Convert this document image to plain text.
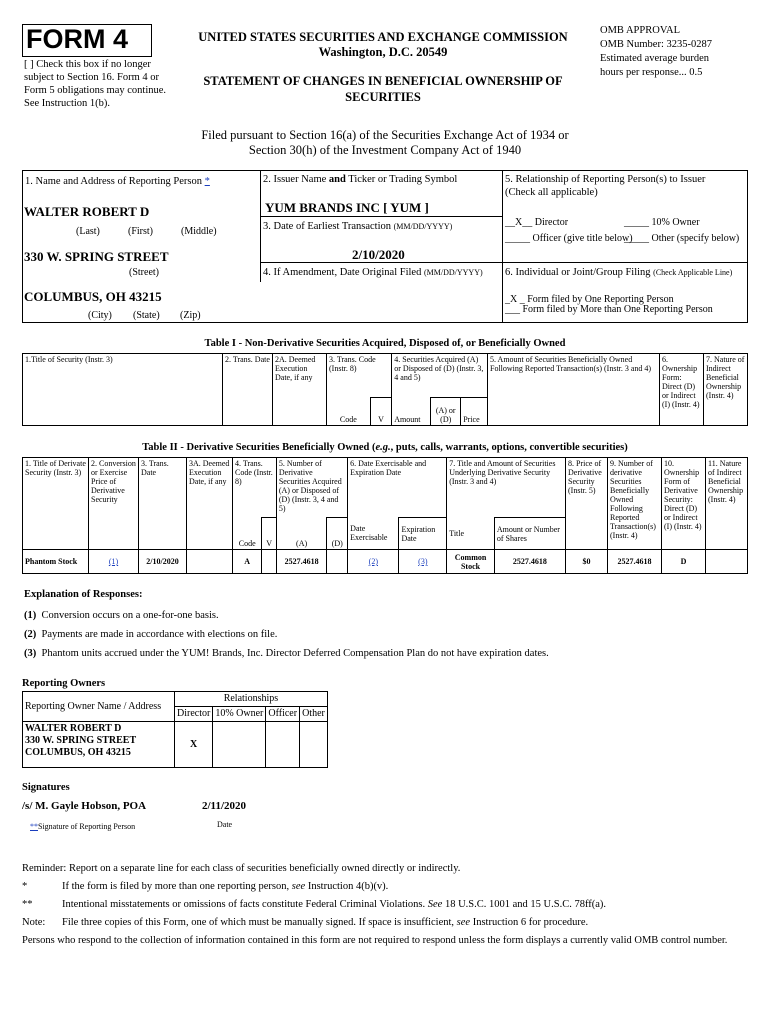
FORM 4
[ ] Check this box if no longer subject to Section 16. Form 4 or Form 5 obligations may continue. See Instruction 1(b).
UNITED STATES SECURITIES AND EXCHANGE COMMISSION
Washington, D.C. 20549
STATEMENT OF CHANGES IN BENEFICIAL OWNERSHIP OF
SECURITIES
OMB APPROVAL
OMB Number: 3235-0287
Estimated average burden
hours per response... 0.5
Filed pursuant to Section 16(a) of the Securities Exchange Act of 1934 or
Section 30(h) of the Investment Company Act of 1940
1. Name and Address of Reporting Person *
WALTER ROBERT D
(Last)	(First)	(Middle)
330 W. SPRING STREET
(Street)
COLUMBUS, OH 43215
(City) (State) (Zip)
2. Issuer Name and Ticker or Trading Symbol
YUM BRANDS INC [ YUM ]
3. Date of Earliest Transaction (MM/DD/YYYY)
2/10/2020
4. If Amendment, Date Original Filed (MM/DD/YYYY)
5. Relationship of Reporting Person(s) to Issuer
(Check all applicable)
__X__ Director	_____ 10% Owner
_____ Officer (give title below)
_____ Other (specify below)
6. Individual or Joint/Group Filing (Check Applicable Line)
_X _ Form filed by One Reporting Person
___ Form filed by More than One Reporting Person
Table I - Non-Derivative Securities Acquired, Disposed of, or Beneficially Owned
1.Title of Security (Instr. 3)	2. Trans. Date	2A. Deemed Execution Date, if any	3. Trans. Code (Instr. 8)		4. Securities Acquired (A) or Disposed of (D) (Instr. 3, 4 and 5)			5. Amount of Securities Beneficially Owned Following Reported Transaction(s) (Instr. 3 and 4)	6. Ownership Form: Direct (D) or Indirect (I) (Instr. 4)	7. Nature of Indirect Beneficial Ownership (Instr. 4)
			Code	V	Amount	(A) or (D)	Price			
Table II - Derivative Securities Beneficially Owned (e.g., puts, calls, warrants, options, convertible securities)
1. Title of Derivate Security (Instr. 3)	2. Conversion or Exercise Price of Derivative Security	3. Trans. Date	3A. Deemed Execution Date, if any	4. Trans. Code (Instr. 8)		5. Number of Derivative Securities Acquired (A) or Disposed of (D) (Instr. 3, 4 and 5)		6. Date Exercisable and Expiration Date		7. Title and Amount of Securities Underlying Derivative Security (Instr. 3 and 4)		8. Price of Derivative Security (Instr. 5)	9. Number of derivative Securities Beneficially Owned Following Reported Transaction(s) (Instr. 4)	10. Ownership Form of Derivative Security: Direct (D) or Indirect (I) (Instr. 4)	11. Nature of Indirect Beneficial Ownership (Instr. 4)
				Code	V	(A)	(D)	Date Exercisable	Expiration Date	Title	Amount or Number of Shares				
Phantom Stock	(1)	2/10/2020		A		2527.4618		(2)	(3)	Common Stock	2527.4618	$0	2527.4618	D	
Explanation of Responses:
(1) Conversion occurs on a one-for-one basis.
(2) Payments are made in accordance with elections on file.
(3) Phantom units accrued under the YUM! Brands, Inc. Director Deferred Compensation Plan do not have expiration dates.
Reporting Owners
Reporting Owner Name / Address	Relationships			
	Director	10% Owner	Officer	Other

WALTER ROBERT D
330 W. SPRING STREET
COLUMBUS, OH 43215	X			
Signatures
/s/ M. Gayle Hobson, POA	2/11/2020
**Signature of Reporting Person	Date
Reminder: Report on a separate line for each class of securities beneficially owned directly or indirectly.
*	If the form is filed by more than one reporting person, see Instruction 4(b)(v).
**	Intentional misstatements or omissions of facts constitute Federal Criminal Violations. See 18 U.S.C. 1001 and 15 U.S.C. 78ff(a).
Note: File three copies of this Form, one of which must be manually signed. If space is insufficient, see Instruction 6 for procedure.
Persons who respond to the collection of information contained in this form are not required to respond unless the form displays a currently valid OMB control number.
